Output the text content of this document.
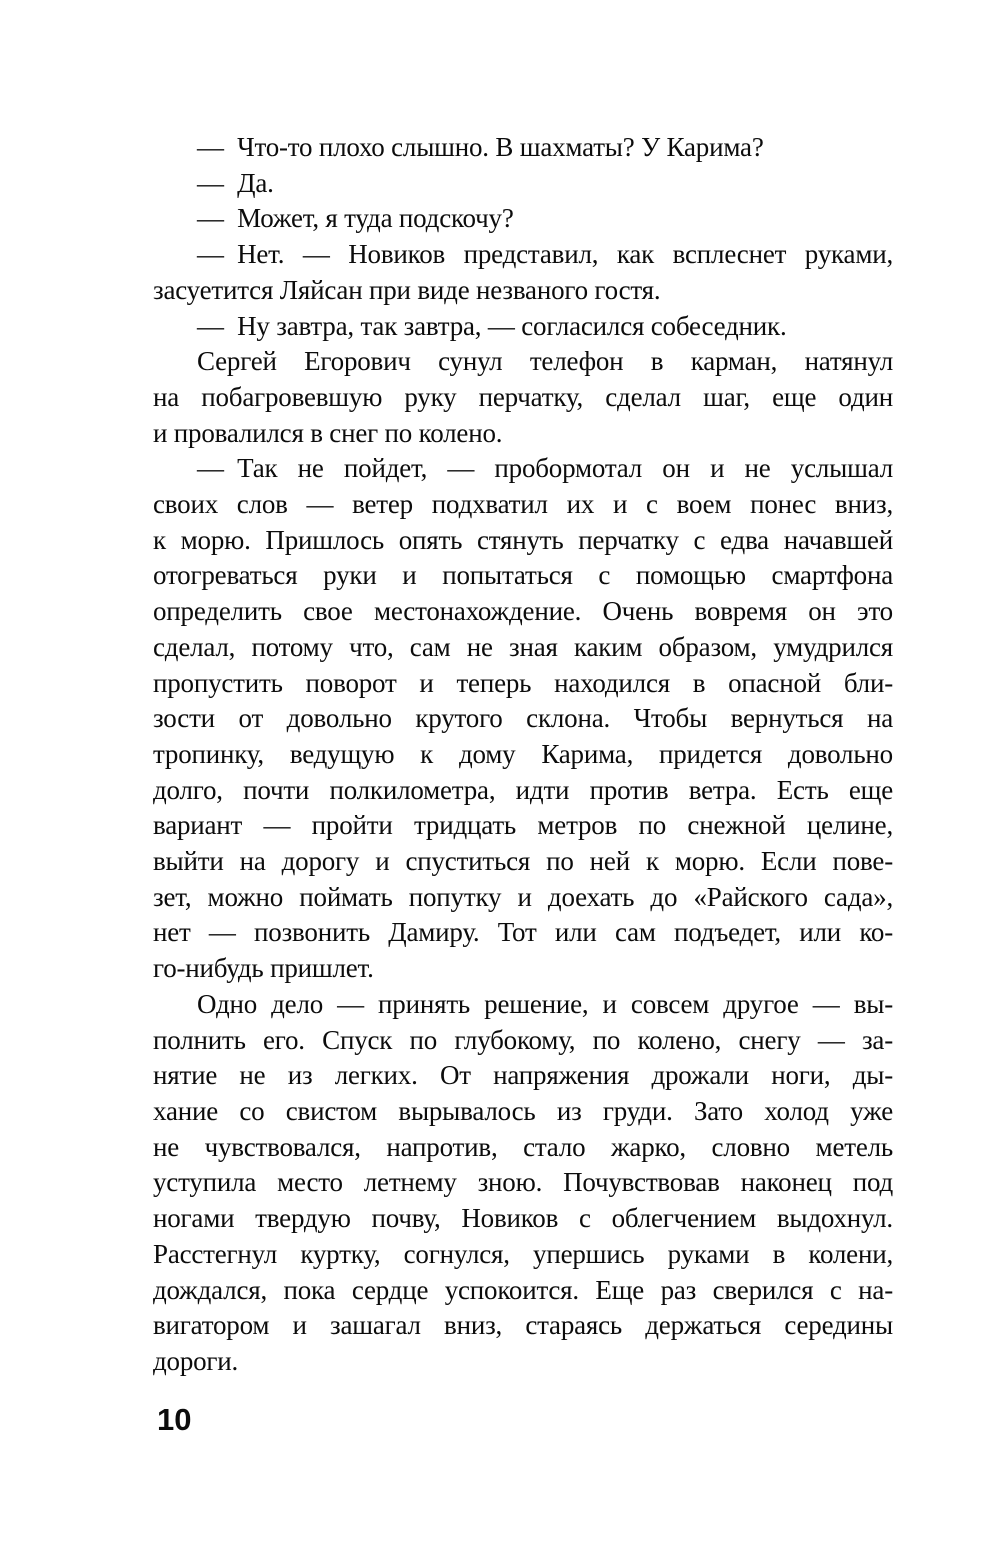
— Что-то плохо слышно. В шахматы? У Карима?
— Да.
— Может, я туда подскочу?
— Нет. — Новиков представил, как всплеснет руками,
засуетится Ляйсан при виде незваного гостя.
— Ну завтра, так завтра, — согласился собеседник.
Сергей Егорович сунул телефон в карман, натянул
на побагровевшую руку перчатку, сделал шаг, еще один
и провалился в снег по колено.
— Так не пойдет, — пробормотал он и не услышал
своих слов — ветер подхватил их и с воем понес вниз,
к морю. Пришлось опять стянуть перчатку с едва начавшей
отогреваться руки и попытаться с помощью смартфона
определить свое местонахождение. Очень вовремя он это
сделал, потому что, сам не зная каким образом, умудрился
пропустить поворот и теперь находился в опасной бли-
зости от довольно крутого склона. Чтобы вернуться на
тропинку, ведущую к дому Карима, придется довольно
долго, почти полкилометра, идти против ветра. Есть еще
вариант — пройти тридцать метров по снежной целине,
выйти на дорогу и спуститься по ней к морю. Если пове-
зет, можно поймать попутку и доехать до «Райского сада»,
нет — позвонить Дамиру. Тот или сам подъедет, или ко-
го-нибудь пришлет.
Одно дело — принять решение, и совсем другое — вы-
полнить его. Спуск по глубокому, по колено, снегу — за-
нятие не из легких. От напряжения дрожали ноги, ды-
хание со свистом вырывалось из груди. Зато холод уже
не чувствовался, напротив, стало жарко, словно метель
уступила место летнему зною. Почувствовав наконец под
ногами твердую почву, Новиков с облегчением выдохнул.
Расстегнул куртку, согнулся, упершись руками в колени,
дождался, пока сердце успокоится. Еще раз сверился с на-
вигатором и зашагал вниз, стараясь держаться середины
дороги.
10
